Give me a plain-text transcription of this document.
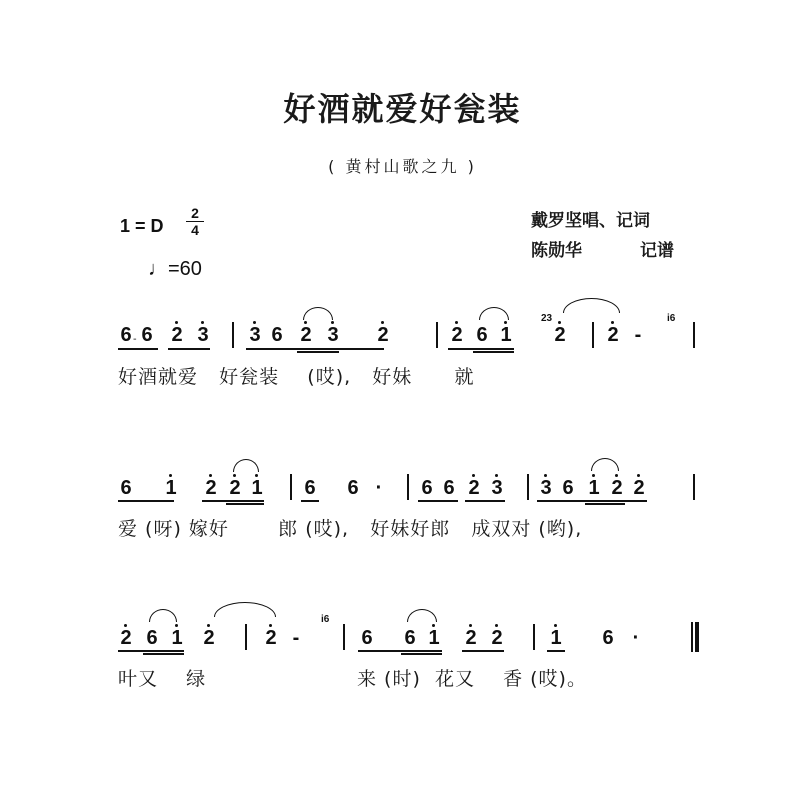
好酒就爱好瓮装
( 黄村山歌之九 )
1 = D
2
4
♩=60
戴罗坚唱、记词
陈勋华	记谱
6 6
- 2 3 3 6 2 3 2	2 6 1
23
2 2 -
i6
好酒就爱   好瓮装    (哎),   好妹      就
6 1 2 2 1 6 6 · 6 6 2 3 3 6 1 2 2
爱 (呀) 嫁好       郎 (哎),   好妹好郎   成双对 (哟),
2 6 1 2	2 -
i6
6 6 1 2 2 1 6 ·
叶又    绿	来 (时)  花又    香 (哎)。
